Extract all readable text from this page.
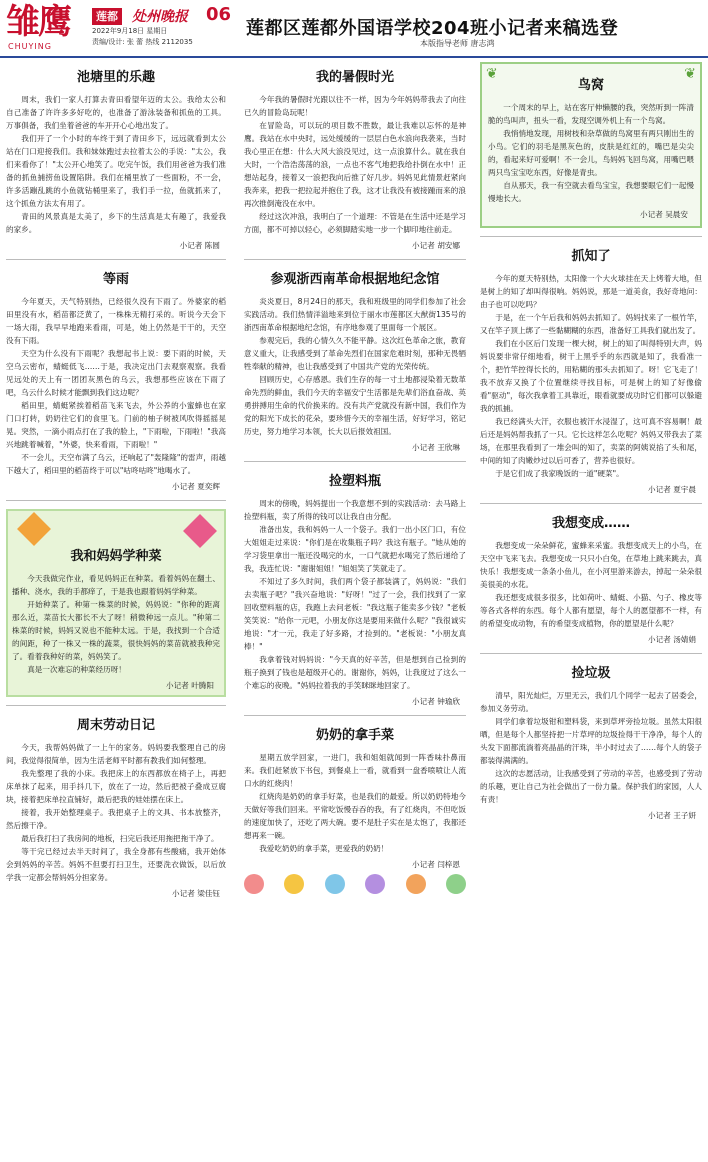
雏鹰
CHUYING
莲都 处州晚报 06
2022年9月18日 星期日
责编/设计: 张 蕾 热线 2112035
莲都区莲都外国语学校204班小记者来稿选登
本版指导老师 唐志鸿
池塘里的乐趣

周末，我们一家人打算去青田看望年迈的太公。我给太公和自己准备了许许多多好吃的，也准备了游泳装备和抓鱼的工具。万事俱备，我们坐着爸爸的车开开心心地出发了。

我们开了一个小时的车终于到了青田乡下，远远就看到太公站在门口迎接我们。我和妹妹跑过去拉着太公的手说："太公，我们来看你了！"太公开心地笑了。吃完午饭，我们用爸爸为我们准备的抓鱼捕捞鱼设置陷阱。我们在桶里放了一些面粉，不一会，许多活蹦乱跳的小鱼就钻桶里来了，我们手一拉，鱼就抓来了，这个抓鱼方法太有用了。

青田的风景真是太美了，乡下的生活真是太有趣了，我爱我的家乡。

小记者 陈圆
等雨

今年夏天，天气特别热，已经很久没有下雨了。外婆家的稻田里没有水，稻苗都泛黄了，一株株无精打采的。听说今天会下一场大雨，我早早地跑来看雨，可是，她上仍然是干干的，天空没有下雨。

天空为什么没有下雨呢？我想起书上说：要下雨的时候，天空乌云密布，蜻蜓低飞……于是，我决定出门去观察观察。我看见远处的天上有一团团灰黑色的乌云，我想那些应该在下雨了吧，乌云什么时候才能飘到我们这边呢？

稻田里，蜻蜓紧挨着稻苗飞来飞去，外公养的小蜜蜂也在家门口打转，奶奶往它们的食里飞。门前的柚子树被风吹得摇摇晃晃。突然，一滴小雨点打在了我的脸上，"下雨啦，下雨啦！"我高兴地跳着喊着，"外婆，快来看雨，下雨啦！"

不一会儿，天空布满了乌云，还响起了"轰隆隆"的雷声，雨越下越大了，稻田里的稻苗终于可以"咕咚咕咚"地喝水了。

小记者 夏奕辉
我和妈妈学种菜

今天我做完作业，看见妈妈正在种菜。看着妈妈在翻土、播种、浇水，我的手都痒了，于是我也跟着妈妈学种菜。

开始种菜了。种第一株菜的时候，妈妈说："你种的距离那么近，菜苗长大都长不大了呀！稍微种远一点儿。"种第二株菜的时候，妈妈又说也不能种太远。于是，我找到一个合适的间距，种了一株又一株的蔬菜，很快妈妈的菜苗就被我种完了。看着我种好的菜，妈妈笑了。

真是一次难忘的种菜经历呀！

小记者 叶腾阳
周末劳动日记

今天，我帮妈妈做了一上午的家务。妈妈要我整理自己的房间，我觉得很简单，因为生活老师平时都有教我们如何整理。

我先整理了我的小床。我把床上的东西都放在椅子上，再把床单抹了起来，用手抖几下，放在了一边，然后把被子叠成豆腐块，接着把床单拉直铺好，最后把我的娃娃摆在床上。

接着，我开始整理桌子。我把桌子上的文具、书本放整齐，然后擦干净。

最后我打扫了我房间的地板，扫完后我还用拖把拖干净了。

等干完已经过去半天时间了，我全身都有些酸痛，我开始体会到妈妈的辛苦。妈妈不但要打扫卫生，还要洗衣做饭，以后放学我一定都会帮妈妈分担家务。

小记者 梁佳钰
我的暑假时光

今年我的暑假时光跟以往不一样，因为今年妈妈带我去了向往已久的冒险岛玩呢！

在冒险岛，可以玩的项目数不胜数，最让我难以忘怀的是神鹰。我站在水中央时，远处缓缓的一层层白色水浪向我袭来，当时我心里正在想：什么大风大浪没见过，这一点浪算什么。就在我自大时，一个浩浩荡荡的浪，一点也不客气地把我给扑倒在水中！正想站起身，接着又一浪把我向后推了好几步。妈妈见此情景赶紧向我奔来，把我一把拉起并抱住了我，这才让我没有被接踵而来的浪再次推倒淹没在水中。

经过这次冲浪，我明白了一个道理：不管是在生活中还是学习方面，都不可掉以轻心，必须脚踏实地一步一个脚印地往前走。

小记者 胡安娜
参观浙西南革命根据地纪念馆

炎炎夏日，8月24日的那天，我和班级里的同学们参加了社会实践活动。我们热情洋溢地来到位于丽水市莲都区大猷街135号的浙西南革命根据地纪念馆，有序地参观了里面每一个展区。

参观完后，我的心情久久不能平静。这次红色革命之旅，教育意义重大，让我感受到了革命先烈们在国家危难时刻，那种无畏牺牲奉献的精神，也让我感受到了中国共产党的光荣传统。

回顾历史，心存感恩。我们生存的每一寸土地都浸染着无数革命先烈的鲜血，我们今天的幸福安宁生活都是先辈们浴血奋战、英勇拼搏用生命的代价换来的。没有共产党就没有新中国，我们作为党的阳光下成长的花朵，要珍惜今天的幸福生活，好好学习，铭记历史，努力地学习本领，长大以后报效祖国。

小记者 王欣琳
捡塑料瓶

周末的傍晚，妈妈提出一个我意想不到的实践活动：去马路上捡塑料瓶，卖了所得的钱可以让我自由分配。

准备出发，我和妈妈一人一个袋子。我们一出小区门口，有位大姐姐走过来说："你们是在收集瓶子吗？我这有瓶子。"她从她的学习袋里拿出一瓶还没喝完的水，一口气就把水喝完了然后递给了我，我连忙说："谢谢姐姐！"姐姐笑了笑就走了。

不知过了多久时间，我们两个袋子都装满了，妈妈说："我们去卖瓶子吧？"我兴奋地说："好呀！"过了一会，我们找到了一家回收塑料瓶的店，我跑上去问老板："我这瓶子能卖多少钱？"老板笑笑说："给你一元吧，小朋友你这是要用来做什么呢？"我很诚实地说："才一元，我走了好多路，才捡到的。"老板说："小朋友真棒！"

我拿着钱对妈妈说："今天真的好辛苦，但是想到自己捡到的瓶子换到了钱也是超级开心的。谢谢你，妈妈，让我度过了这么一个难忘的夜晚。"妈妈拉着我的手笑眯眯地回家了。

小记者 钟瑜欣
奶奶的拿手菜

星期五放学回家，一进门，我和姐姐就闻到一阵香味扑鼻而来。我们赶紧放下书包，到餐桌上一看，就看到一盘香喷喷让人流口水的红烧肉！

红烧肉是奶奶的拿手好菜，也是我们的最爱。所以奶奶特地今天做好等我们回来。平常吃饭慢吞吞的我，有了红烧肉，不但吃饭的速度加快了，还吃了两大碗。要不是肚子实在是太饱了，我都还想再来一碗。

我爱吃奶奶的拿手菜，更爱我的奶奶！

小记者 闫梓恩
❦	❦
鸟窝

一个周末的早上，站在客厅伸懒腰的我，突然听到一阵清脆的鸟叫声，扭头一看，发现空调外机上有一个鸟窝。

我悄悄地发现，用树枝和杂草做的鸟窝里有两只刚出生的小鸟。它们的羽毛是黑灰色的，皮肤是红红的，嘴巴是尖尖的，看起来好可爱啊！不一会儿，鸟妈妈飞回鸟窝，用嘴巴喂两只鸟宝宝吃东西，好像是青虫。

自从那天，我一有空就去看鸟宝宝，我想要眼它们一起慢慢地长大。

小记者 吴晨安
抓知了

今年的夏天特别热，太阳像一个大火球挂在天上烤着大地，但是树上的知了却叫得很响。妈妈说，那是一道美食，我好奇地问：由子也可以吃吗？

于是，在一个午后我和妈妈去抓知了。妈妈找来了一根竹竿，又在竿子顶上绑了一些黏糊糊的东西，准备好工具我们就出发了。

我们在小区后门发现一棵大树，树上的知了叫得特别大声，妈妈说要非常仔细地看，树干上黑乎乎的东西就是知了，我看准一个，把竹竿控得长长的，用粘糊的那头去抓知了。呀！它飞走了！我不放弃又换了个位置继续寻找目标，可是树上的知了好像偷看"驱动"，每次我拿着工具靠近，眼看就要成功时它们都可以躲避我的抓捕。

我已经满头大汗，衣服也被汗水浸湿了，这可真不容易啊！最后还是妈妈帮我抓了一只。它长这样怎么吃呢？妈妈又带我去了菜场，在那里我看到了一堆会叫的知了，卖菜的阿姨说掐了头和尾，中间的知了肉嫩炒过以后可香了，营养也很好。

于是它们成了我家晚饭的一道"硬菜"。

小记者 夏宇晨
我想变成……

我想变成一朵朵鲜花，蜜蜂来采蜜。我想变成天上的小鸟，在天空中飞来飞去。我想变成一只只小白兔，在草地上跳来跳去，真快乐！我想变成一条条小鱼儿，在小河里游来游去，掉起一朵朵很美很美的水花。

我还想变成很多很多，比如荷叶、蜻蜓、小猫、勺子、橡皮等等各式各样的东西。每个人都有愿望，每个人的愿望都不一样，有的希望变成动物，有的希望变成植物，你的愿望是什么呢？

小记者 汤婧娟
捡垃圾

清早，阳光灿烂，万里无云，我们几个同学一起去了居委会，参加义务劳动。

同学们拿着垃圾钳和塑料袋，来到草坪旁捡垃圾。虽然太阳很晒，但是每个人都坚持把一片草坪的垃圾捡得干干净净，每个人的头发下面都流淌着亮晶晶的汗珠，半小时过去了……每个人的袋子都装得满满的。

这次的志愿活动，让我感受到了劳动的辛苦，也感受到了劳动的乐趣，更让自己为社会做出了一份力量。保护我们的家园，人人有责！

小记者 王子妍
